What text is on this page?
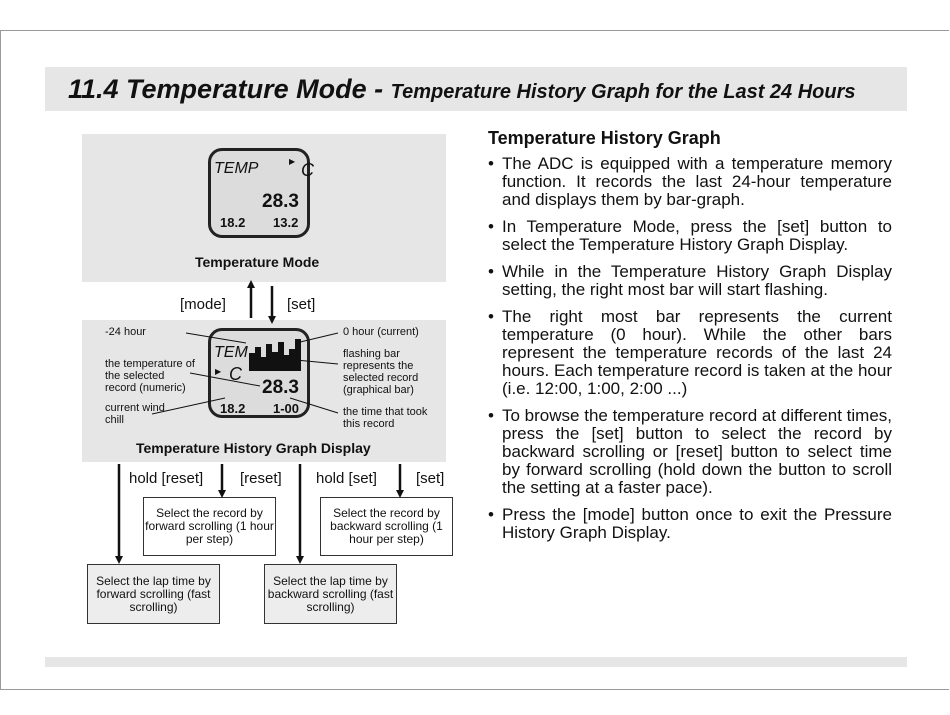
11.4 Temperature Mode - Temperature History Graph for the Last 24 Hours
TEMP	▶ C
28.3
18.2 13.2
Temperature Mode
[mode]	[set]
TEM
▶ C
28.3
18.2 1-00
-24 hour
the temperature of the selected record (numeric)
current wind chill
0 hour (current)
flashing bar represents the selected record (graphical bar)
the time that took this record
Temperature History Graph Display
hold [reset] [reset] hold [set]	[set]
Select the record by forward scrolling (1 hour per step)
Select the record by backward scrolling (1 hour per step)
Select the lap time by forward scrolling (fast scrolling)
Select the lap time by backward scrolling (fast scrolling)
Temperature History Graph
• The ADC is equipped with a temperature memory function. It records the last 24-hour temperature and displays them by bar-graph.
• In Temperature Mode, press the [set] button to select the Temperature History Graph Display.
• While in the Temperature History Graph Display setting, the right most bar will start flashing.
• The right most bar represents the current temperature (0 hour). While the other bars represent the temperature records of the last 24 hours. Each temperature record is taken at the hour (i.e. 12:00, 1:00, 2:00 ...)
• To browse the temperature record at different times, press the [set] button to select the record by backward scrolling or [reset] button to select time by forward scrolling (hold down the button to scroll the setting at a faster pace).
• Press the [mode] button once to exit the Pressure History Graph Display.
